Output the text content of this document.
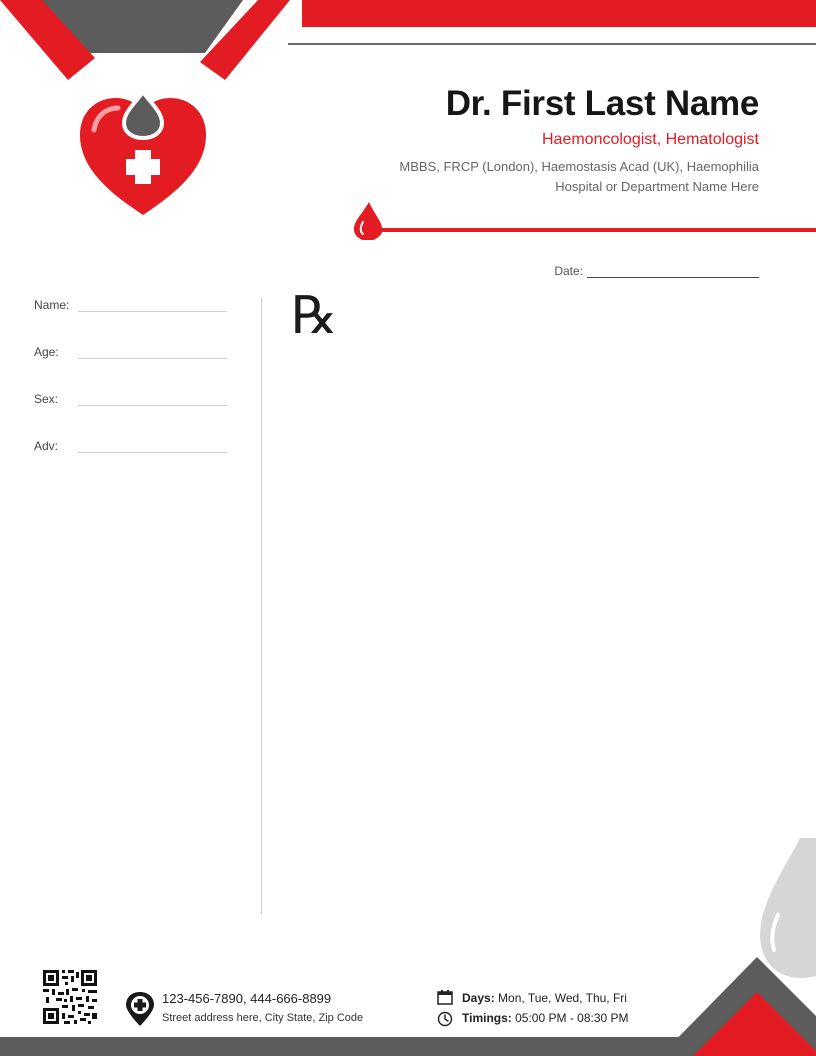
Dr. First Last Name
Haemoncologist, Hematologist
MBBS, FRCP (London), Haemostasis Acad (UK), Haemophilia
Hospital or Department Name Here
Date:
Name:
Age:
Sex:
Adv:
℞
123-456-7890, 444-666-8899
Street address here, City State, Zip Code
Days: Mon, Tue, Wed, Thu, Fri
Timings: 05:00 PM - 08:30 PM
